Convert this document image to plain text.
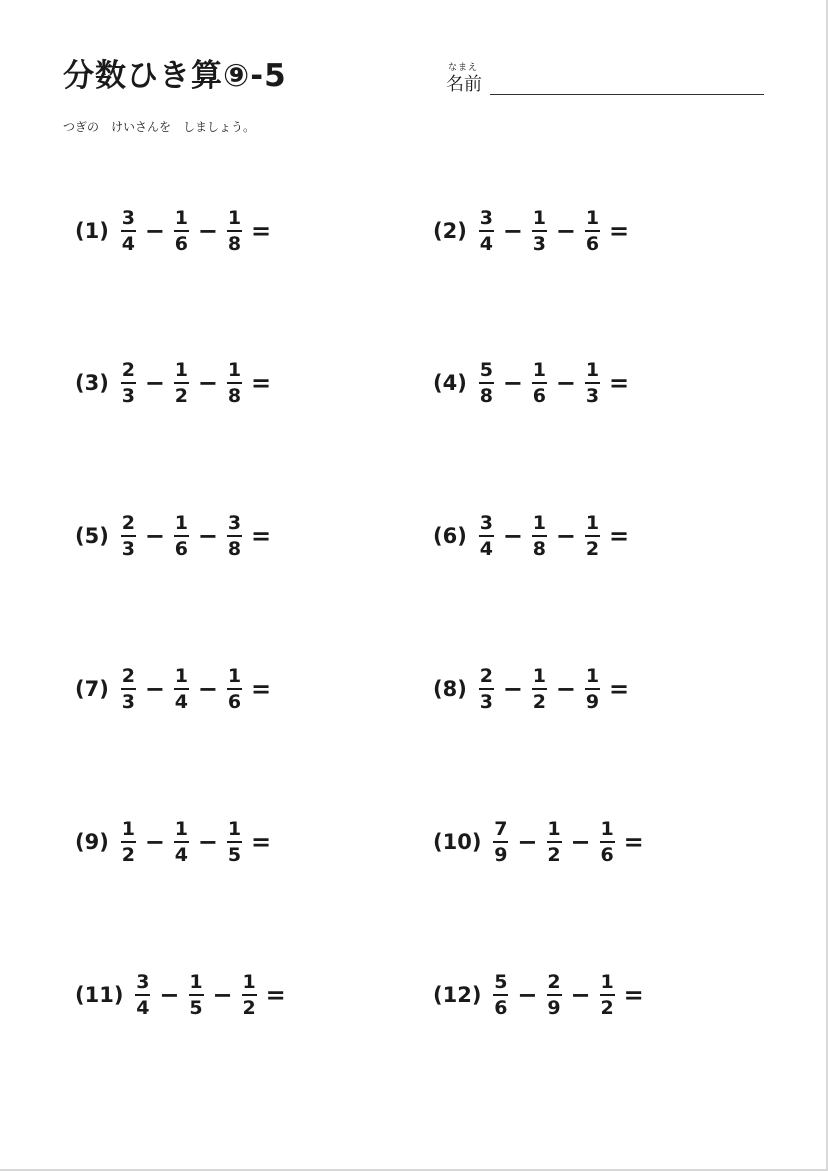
分数ひき算⑨-5	なまえ
名前
つぎの　けいさんを　しましょう。
$(1) \frac{3}{4} - \frac{1}{6} - \frac{1}{8}$ =	$(2) \frac{3}{4} - \frac{1}{3} - \frac{1}{6}$ =
$(3) \frac{2}{3} - \frac{1}{2} - \frac{1}{8}$ =	$(4) \frac{5}{8} - \frac{1}{6} - \frac{1}{3}$ =
$(5) \frac{2}{3} - \frac{1}{6} - \frac{3}{8}$ =	$(6) \frac{3}{4} - \frac{1}{8} - \frac{1}{2}$ =
$(7) \frac{2}{3} - \frac{1}{4} - \frac{1}{6}$ =	$(8) \frac{2}{3} - \frac{1}{2} - \frac{1}{9}$ =
$(9) \frac{1}{2} - \frac{1}{4} - \frac{1}{5}$ =	$(10) \frac{7}{9} - \frac{1}{2} - \frac{1}{6}$ =
$(11) \frac{3}{4} - \frac{1}{5} - \frac{1}{2}$ =	$(12) \frac{5}{6} - \frac{2}{9} - \frac{1}{2}$ =
